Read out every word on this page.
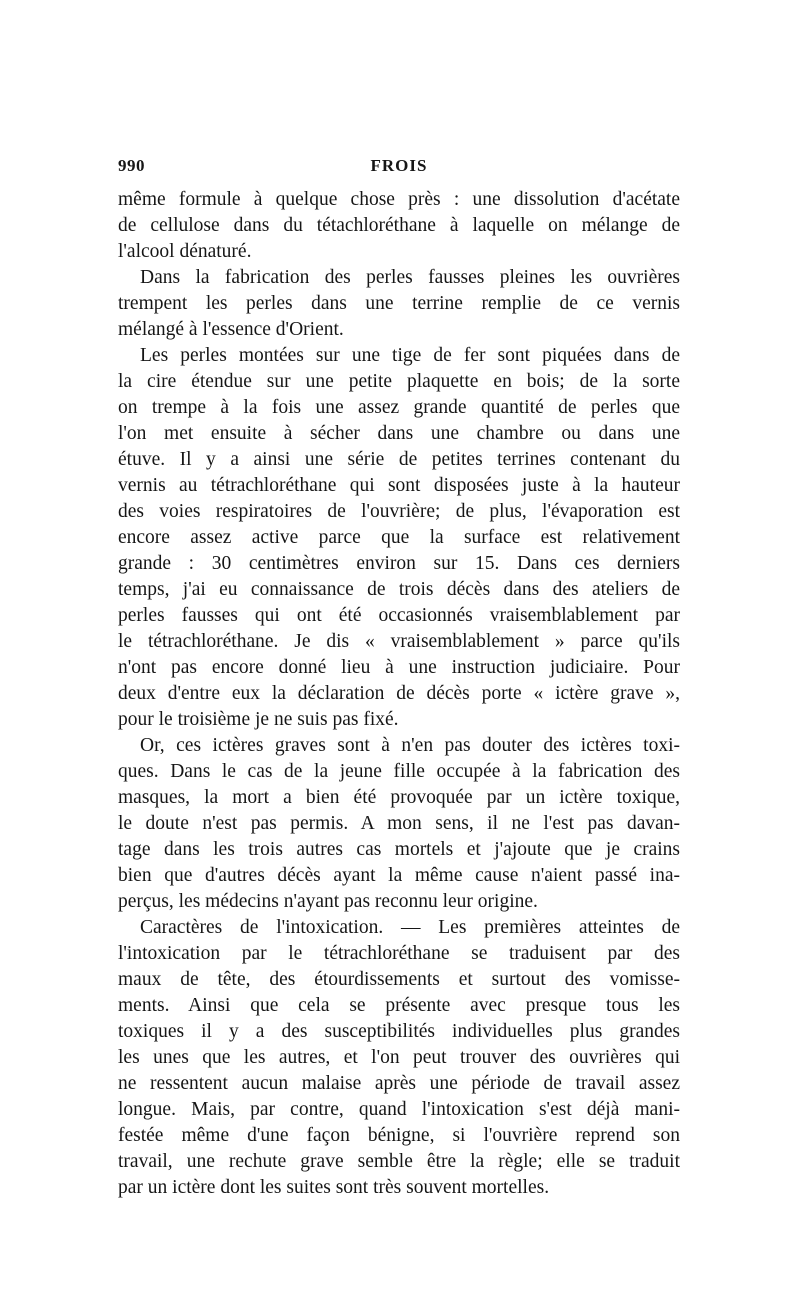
990	FROIS
même formule à quelque chose près : une dissolution d'acétate
de cellulose dans du tétachloréthane à laquelle on mélange de
l'alcool dénaturé.
Dans la fabrication des perles fausses pleines les ouvrières
trempent les perles dans une terrine remplie de ce vernis
mélangé à l'essence d'Orient.
Les perles montées sur une tige de fer sont piquées dans de
la cire étendue sur une petite plaquette en bois; de la sorte
on trempe à la fois une assez grande quantité de perles que
l'on met ensuite à sécher dans une chambre ou dans une
étuve. Il y a ainsi une série de petites terrines contenant du
vernis au tétrachloréthane qui sont disposées juste à la hauteur
des voies respiratoires de l'ouvrière; de plus, l'évaporation est
encore assez active parce que la surface est relativement
grande : 30 centimètres environ sur 15. Dans ces derniers
temps, j'ai eu connaissance de trois décès dans des ateliers de
perles fausses qui ont été occasionnés vraisemblablement par
le tétrachloréthane. Je dis « vraisemblablement » parce qu'ils
n'ont pas encore donné lieu à une instruction judiciaire. Pour
deux d'entre eux la déclaration de décès porte « ictère grave »,
pour le troisième je ne suis pas fixé.
Or, ces ictères graves sont à n'en pas douter des ictères toxi-
ques. Dans le cas de la jeune fille occupée à la fabrication des
masques, la mort a bien été provoquée par un ictère toxique,
le doute n'est pas permis. A mon sens, il ne l'est pas davan-
tage dans les trois autres cas mortels et j'ajoute que je crains
bien que d'autres décès ayant la même cause n'aient passé ina-
perçus, les médecins n'ayant pas reconnu leur origine.
Caractères de l'intoxication. — Les premières atteintes de
l'intoxication par le tétrachloréthane se traduisent par des
maux de tête, des étourdissements et surtout des vomisse-
ments. Ainsi que cela se présente avec presque tous les
toxiques il y a des susceptibilités individuelles plus grandes
les unes que les autres, et l'on peut trouver des ouvrières qui
ne ressentent aucun malaise après une période de travail assez
longue. Mais, par contre, quand l'intoxication s'est déjà mani-
festée même d'une façon bénigne, si l'ouvrière reprend son
travail, une rechute grave semble être la règle; elle se traduit
par un ictère dont les suites sont très souvent mortelles.
